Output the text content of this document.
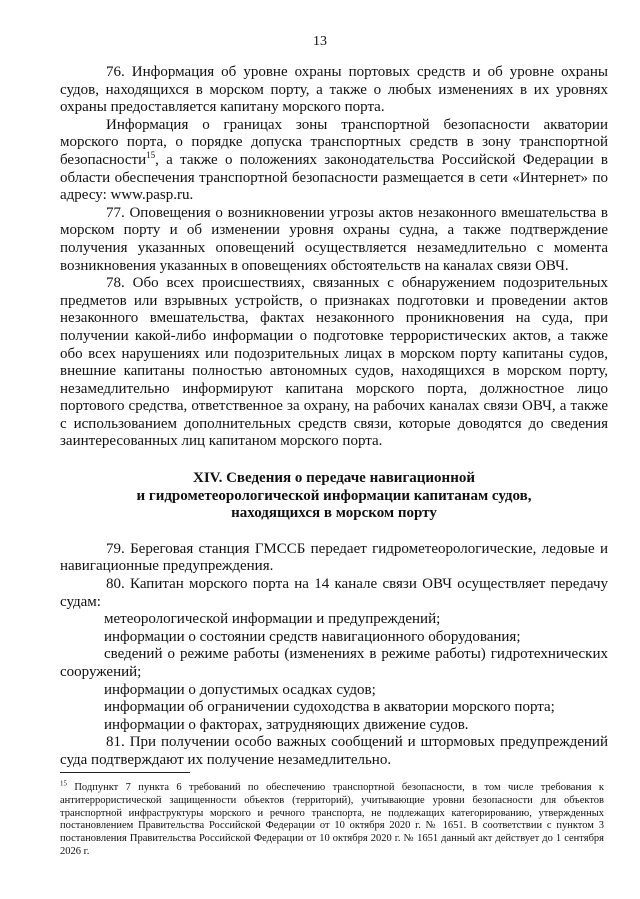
13

76. Информация об уровне охраны портовых средств и об уровне охраны судов, находящихся в морском порту, а также о любых изменениях в их уровнях охраны предоставляется капитану морского порта.

Информация о границах зоны транспортной безопасности акватории морского порта, о порядке допуска транспортных средств в зону транспортной безопасности$^{15}$, а также о положениях законодательства Российской Федерации в области обеспечения транспортной безопасности размещается в сети «Интернет» по адресу: www.pasp.ru.

77. Оповещения о возникновении угрозы актов незаконного вмешательства в морском порту и об изменении уровня охраны судна, а также подтверждение получения указанных оповещений осуществляется незамедлительно с момента возникновения указанных в оповещениях обстоятельств на каналах связи ОВЧ.

78. Обо всех происшествиях, связанных с обнаружением подозрительных предметов или взрывных устройств, о признаках подготовки и проведении актов незаконного вмешательства, фактах незаконного проникновения на суда, при получении какой-либо информации о подготовке террористических актов, а также обо всех нарушениях или подозрительных лицах в морском порту капитаны судов, внешние капитаны полностью автономных судов, находящихся в морском порту, незамедлительно информируют капитана морского порта, должностное лицо портового средства, ответственное за охрану, на рабочих каналах связи ОВЧ, а также с использованием дополнительных средств связи, которые доводятся до сведения заинтересованных лиц капитаном морского порта.

XIV. Сведения о передаче навигационной
и гидрометеорологической информации капитанам судов,
находящихся в морском порту

79. Береговая станция ГМССБ передает гидрометеорологические, ледовые и навигационные предупреждения.

80. Капитан морского порта на 14 канале связи ОВЧ осуществляет передачу судам:

метеорологической информации и предупреждений;

информации о состоянии средств навигационного оборудования;

сведений о режиме работы (изменениях в режиме работы) гидротехнических сооружений;

информации о допустимых осадках судов;

информации об ограничении судоходства в акватории морского порта;

информации о факторах, затрудняющих движение судов.

81. При получении особо важных сообщений и штормовых предупреждений суда подтверждают их получение незамедлительно.

$^{15}$ Подпункт 7 пункта 6 требований по обеспечению транспортной безопасности, в том числе требования к антитеррористической защищенности объектов (территорий), учитывающие уровни безопасности для объектов транспортной инфраструктуры морского и речного транспорта, не подлежащих категорированию, утвержденных постановлением Правительства Российской Федерации от 10 октября 2020 г. № 1651. В соответствии с пунктом 3 постановления Правительства Российской Федерации от 10 октября 2020 г. № 1651 данный акт действует до 1 сентября 2026 г.
